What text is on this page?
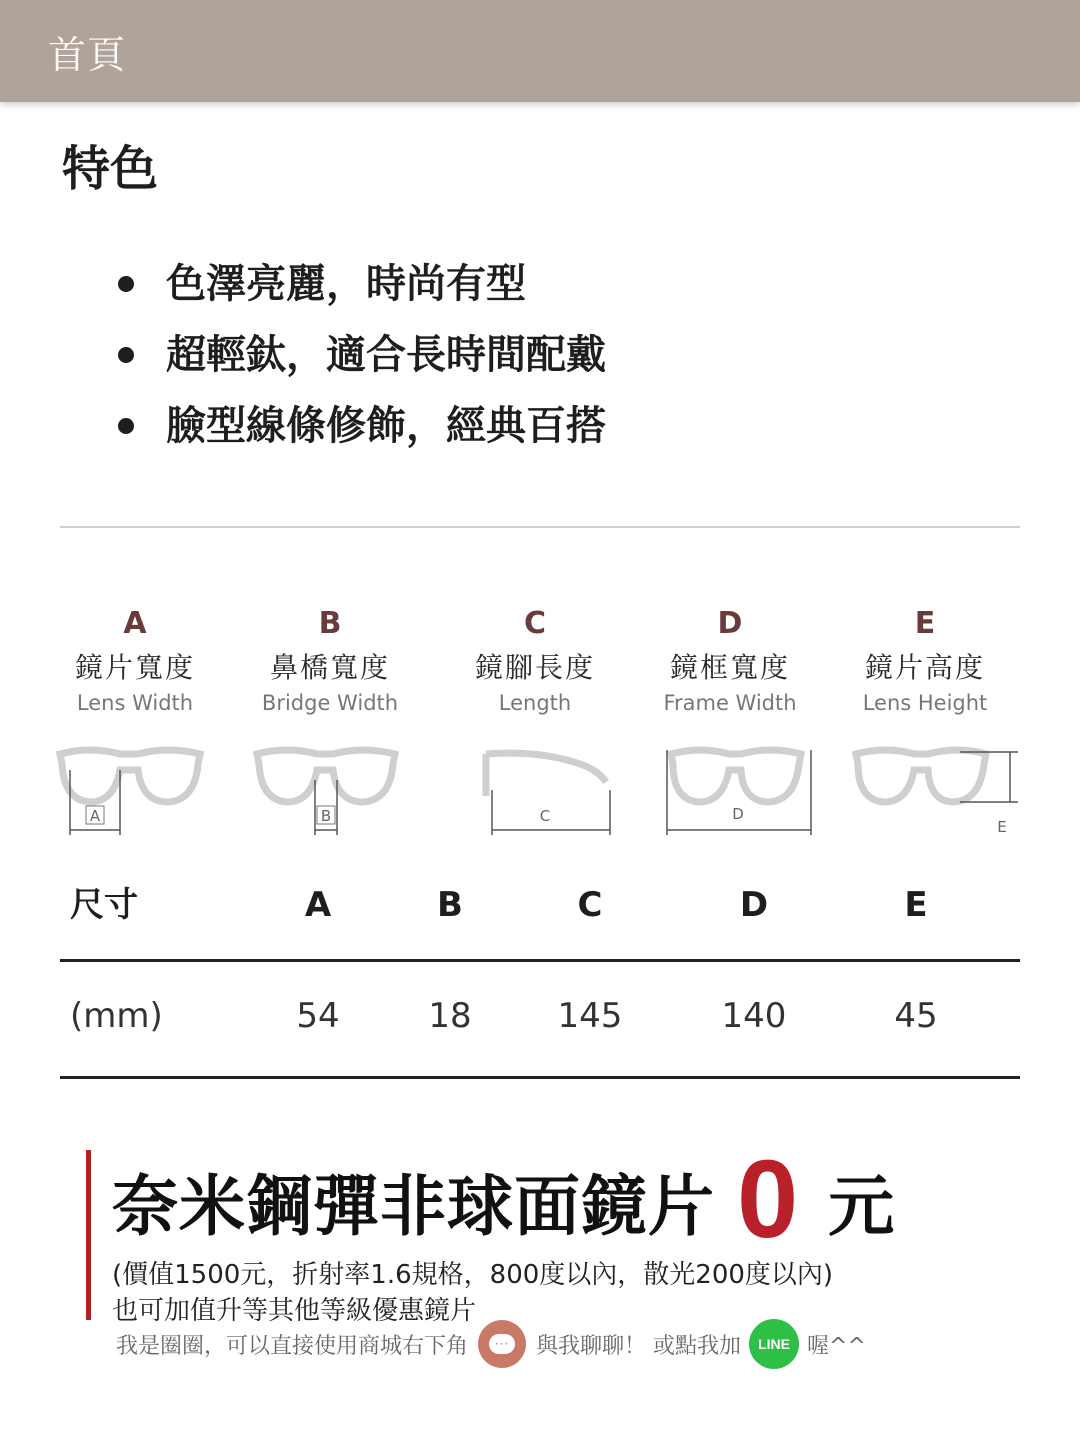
首頁
特色
色澤亮麗，時尚有型
超輕鈦，適合長時間配戴
臉型線條修飾，經典百搭
A
鏡片寬度
Lens Width
A
B
鼻橋寬度
Bridge Width
B
C
鏡腳長度
Length
C
D
鏡框寬度
Frame Width
D
E
鏡片高度
Lens Height
E
尺寸	A	B	C	D	E
(mm)	54	18	145	140	45
奈米鋼彈非球面鏡片 0 元
(價值1500元，折射率1.6規格，800度以內，散光200度以內)
也可加值升等其他等級優惠鏡片
我是圈圈，可以直接使用商城右下角	··· 與我聊聊！ 或點我加 LINE 喔^^
